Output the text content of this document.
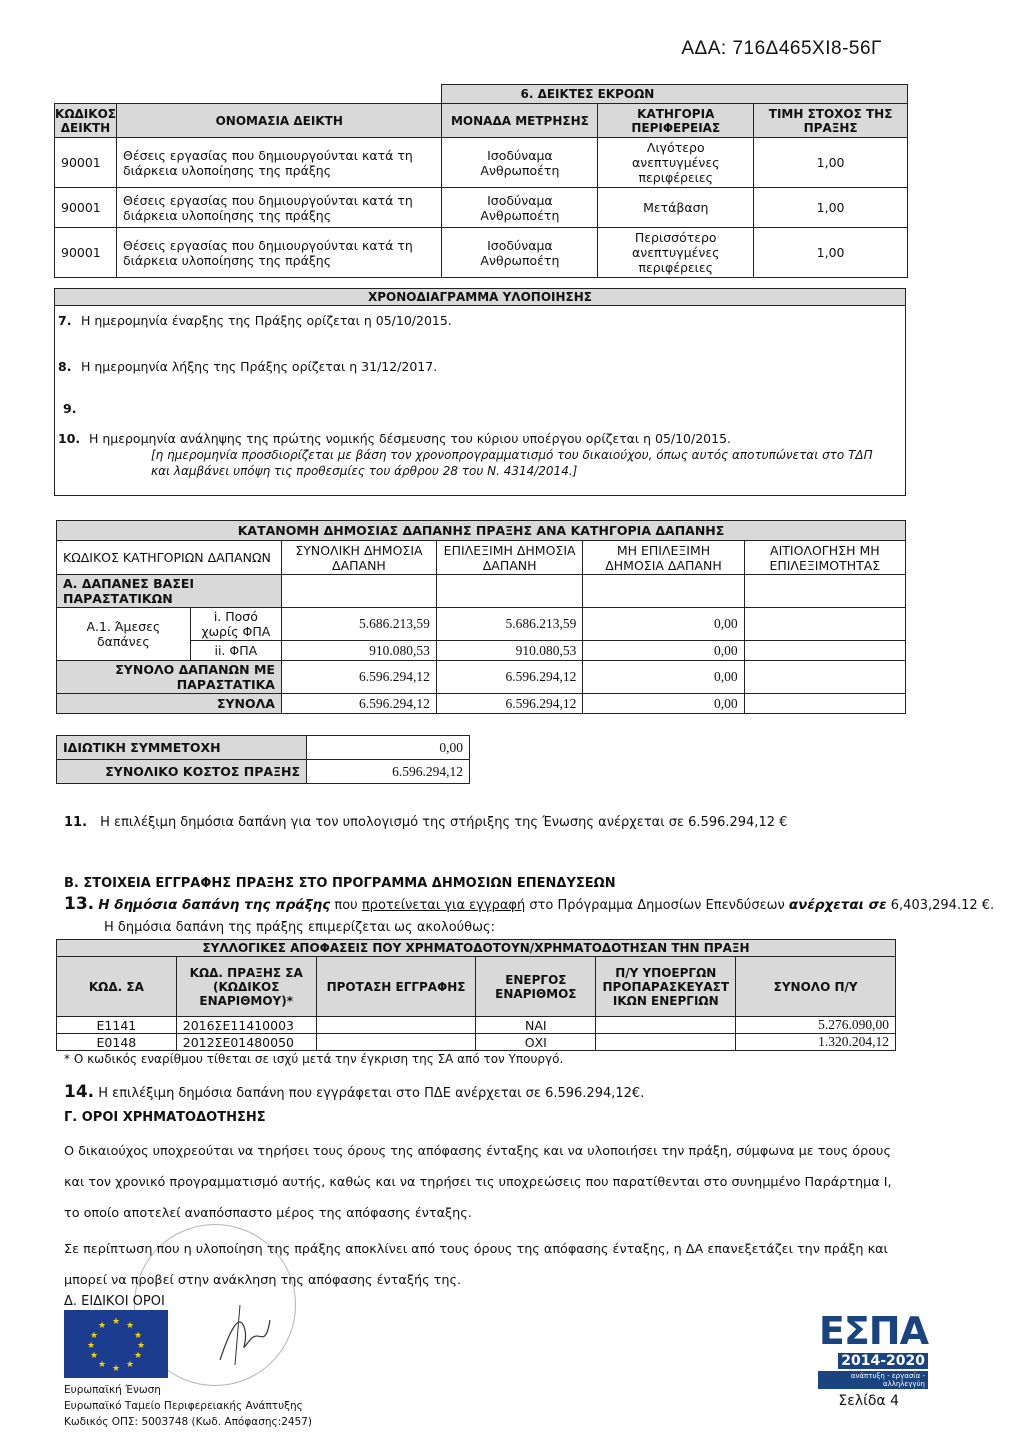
ΑΔΑ: 716Δ465ΧΙ8-56Γ
		6. ΔΕΙΚΤΕΣ ΕΚΡΟΩΝ		
ΚΩΔΙΚΟΣ ΔΕΙΚΤΗ	ΟΝΟΜΑΣΙΑ ΔΕΙΚΤΗ	ΜΟΝΑΔΑ ΜΕΤΡΗΣΗΣ	ΚΑΤΗΓΟΡΙΑ ΠΕΡΙΦΕΡΕΙΑΣ	ΤΙΜΗ ΣΤΟΧΟΣ ΤΗΣ ΠΡΑΞΗΣ
90001	Θέσεις εργασίας που δημιουργούνται κατά τη διάρκεια υλοποίησης της πράξης	Ισοδύναμα Ανθρωποέτη	Λιγότερο ανεπτυγμένες περιφέρειες	1,00
90001	Θέσεις εργασίας που δημιουργούνται κατά τη διάρκεια υλοποίησης της πράξης	Ισοδύναμα Ανθρωποέτη	Μετάβαση	1,00
90001	Θέσεις εργασίας που δημιουργούνται κατά τη διάρκεια υλοποίησης της πράξης	Ισοδύναμα Ανθρωποέτη	Περισσότερο ανεπτυγμένες περιφέρειες	1,00
ΧΡΟΝΟΔΙΑΓΡΑΜΜΑ ΥΛΟΠΟΙΗΣΗΣ
7. Η ημερομηνία έναρξης της Πράξης ορίζεται η 05/10/2015.
8. Η ημερομηνία λήξης της Πράξης ορίζεται η 31/12/2017.
9.
10. Η ημερομηνία ανάληψης της πρώτης νομικής δέσμευσης του κύριου υποέργου ορίζεται η 05/10/2015.
[η ημερομηνία προσδιορίζεται με βάση τον χρονοπρογραμματισμό του δικαιούχου, όπως αυτός αποτυπώνεται στο ΤΔΠ και λαμβάνει υπόψη τις προθεσμίες του άρθρου 28 του Ν. 4314/2014.]
ΚΑΤΑΝΟΜΗ ΔΗΜΟΣΙΑΣ ΔΑΠΑΝΗΣ ΠΡΑΞΗΣ ΑΝΑ ΚΑΤΗΓΟΡΙΑ ΔΑΠΑΝΗΣ					
ΚΩΔΙΚΟΣ ΚΑΤΗΓΟΡΙΩΝ ΔΑΠΑΝΩΝ		ΣΥΝΟΛΙΚΗ ΔΗΜΟΣΙΑ ΔΑΠΑΝΗ	ΕΠΙΛΕΞΙΜΗ ΔΗΜΟΣΙΑ ΔΑΠΑΝΗ	ΜΗ ΕΠΙΛΕΞΙΜΗ ΔΗΜΟΣΙΑ ΔΑΠΑΝΗ	ΑΙΤΙΟΛΟΓΗΣΗ ΜΗ ΕΠΙΛΕΞΙΜΟΤΗΤΑΣ

Α. ΔΑΠΑΝΕΣ ΒΑΣΕΙ ΠΑΡΑΣΤΑΤΙΚΩΝ					
Α.1. Άμεσες δαπάνες	i. Ποσό χωρίς ΦΠΑ	5.686.213,59	5.686.213,59	0,00	
	ii. ΦΠΑ	910.080,53	910.080,53	0,00	
ΣΥΝΟΛΟ ΔΑΠΑΝΩΝ ΜΕ ΠΑΡΑΣΤΑΤΙΚΑ		6.596.294,12	6.596.294,12	0,00	
ΣΥΝΟΛΑ		6.596.294,12	6.596.294,12	0,00	
ΙΔΙΩΤΙΚΗ ΣΥΜΜΕΤΟΧΗ	0,00
ΣΥΝΟΛΙΚΟ ΚΟΣΤΟΣ ΠΡΑΞΗΣ	6.596.294,12
11. Η επιλέξιμη δημόσια δαπάνη για τον υπολογισμό της στήριξης της Ένωσης ανέρχεται σε 6.596.294,12 €
Β. ΣΤΟΙΧΕΙΑ ΕΓΓΡΑΦΗΣ ΠΡΑΞΗΣ ΣΤΟ ΠΡΟΓΡΑΜΜΑ ΔΗΜΟΣΙΩΝ ΕΠΕΝΔΥΣΕΩΝ
13. Η δημόσια δαπάνη της πράξης που προτείνεται για εγγραφή στο Πρόγραμμα Δημοσίων Επενδύσεων ανέρχεται σε 6,403,294.12 €.
Η δημόσια δαπάνη της πράξης επιμερίζεται ως ακολούθως:
ΣΥΛΛΟΓΙΚΕΣ ΑΠΟΦΑΣΕΙΣ ΠΟΥ ΧΡΗΜΑΤΟΔΟΤΟΥΝ/ΧΡΗΜΑΤΟΔΟΤΗΣΑΝ ΤΗΝ ΠΡΑΞΗ					
ΚΩΔ. ΣΑ	ΚΩΔ. ΠΡΑΞΗΣ ΣΑ (ΚΩΔΙΚΟΣ ΕΝΑΡΙΘΜΟΥ)*	ΠΡΟΤΑΣΗ ΕΓΓΡΑΦΗΣ	ΕΝΕΡΓΟΣ ΕΝΑΡΙΘΜΟΣ	Π/Υ ΥΠΟΕΡΓΩΝ ΠΡΟΠΑΡΑΣΚΕΥΑΣΤ ΙΚΩΝ ΕΝΕΡΓΙΩΝ	ΣΥΝΟΛΟ Π/Υ
Ε1141	2016ΣΕ11410003		ΝΑΙ		5.276.090,00
Ε0148	2012ΣΕ01480050		ΟΧΙ		1.320.204,12
* Ο κωδικός εναρίθμου τίθεται σε ισχύ μετά την έγκριση της ΣΑ από τον Υπουργό.
14. Η επιλέξιμη δημόσια δαπάνη που εγγράφεται στο ΠΔΕ ανέρχεται σε 6.596.294,12€.
Γ. ΟΡΟΙ ΧΡΗΜΑΤΟΔΟΤΗΣΗΣ
Ο δικαιούχος υποχρεούται να τηρήσει τους όρους της απόφασης ένταξης και να υλοποιήσει την πράξη, σύμφωνα με τους όρους και τον χρονικό προγραμματισμό αυτής, καθώς και να τηρήσει τις υποχρεώσεις που παρατίθενται στο συνημμένο Παράρτημα Ι, το οποίο αποτελεί αναπόσπαστο μέρος της απόφασης ένταξης.
Σε περίπτωση που η υλοποίηση της πράξης αποκλίνει από τους όρους της απόφασης ένταξης, η ΔΑ επανεξετάζει την πράξη και μπορεί να προβεί στην ανάκληση της απόφασης ένταξής της.
Δ. ΕΙΔΙΚΟΙ ΟΡΟΙ
★ ★
★
★
★
★
★
★
★
★
★
★
Ευρωπαϊκή Ένωση
Ευρωπαϊκό Ταμείο Περιφερειακής Ανάπτυξης
Κωδικός ΟΠΣ: 5003748 (Κωδ. Απόφασης:2457)
ΕΣΠΑ
2014-2020
ανάπτυξη - εργασία - αλληλεγγύη
Σελίδα 4
